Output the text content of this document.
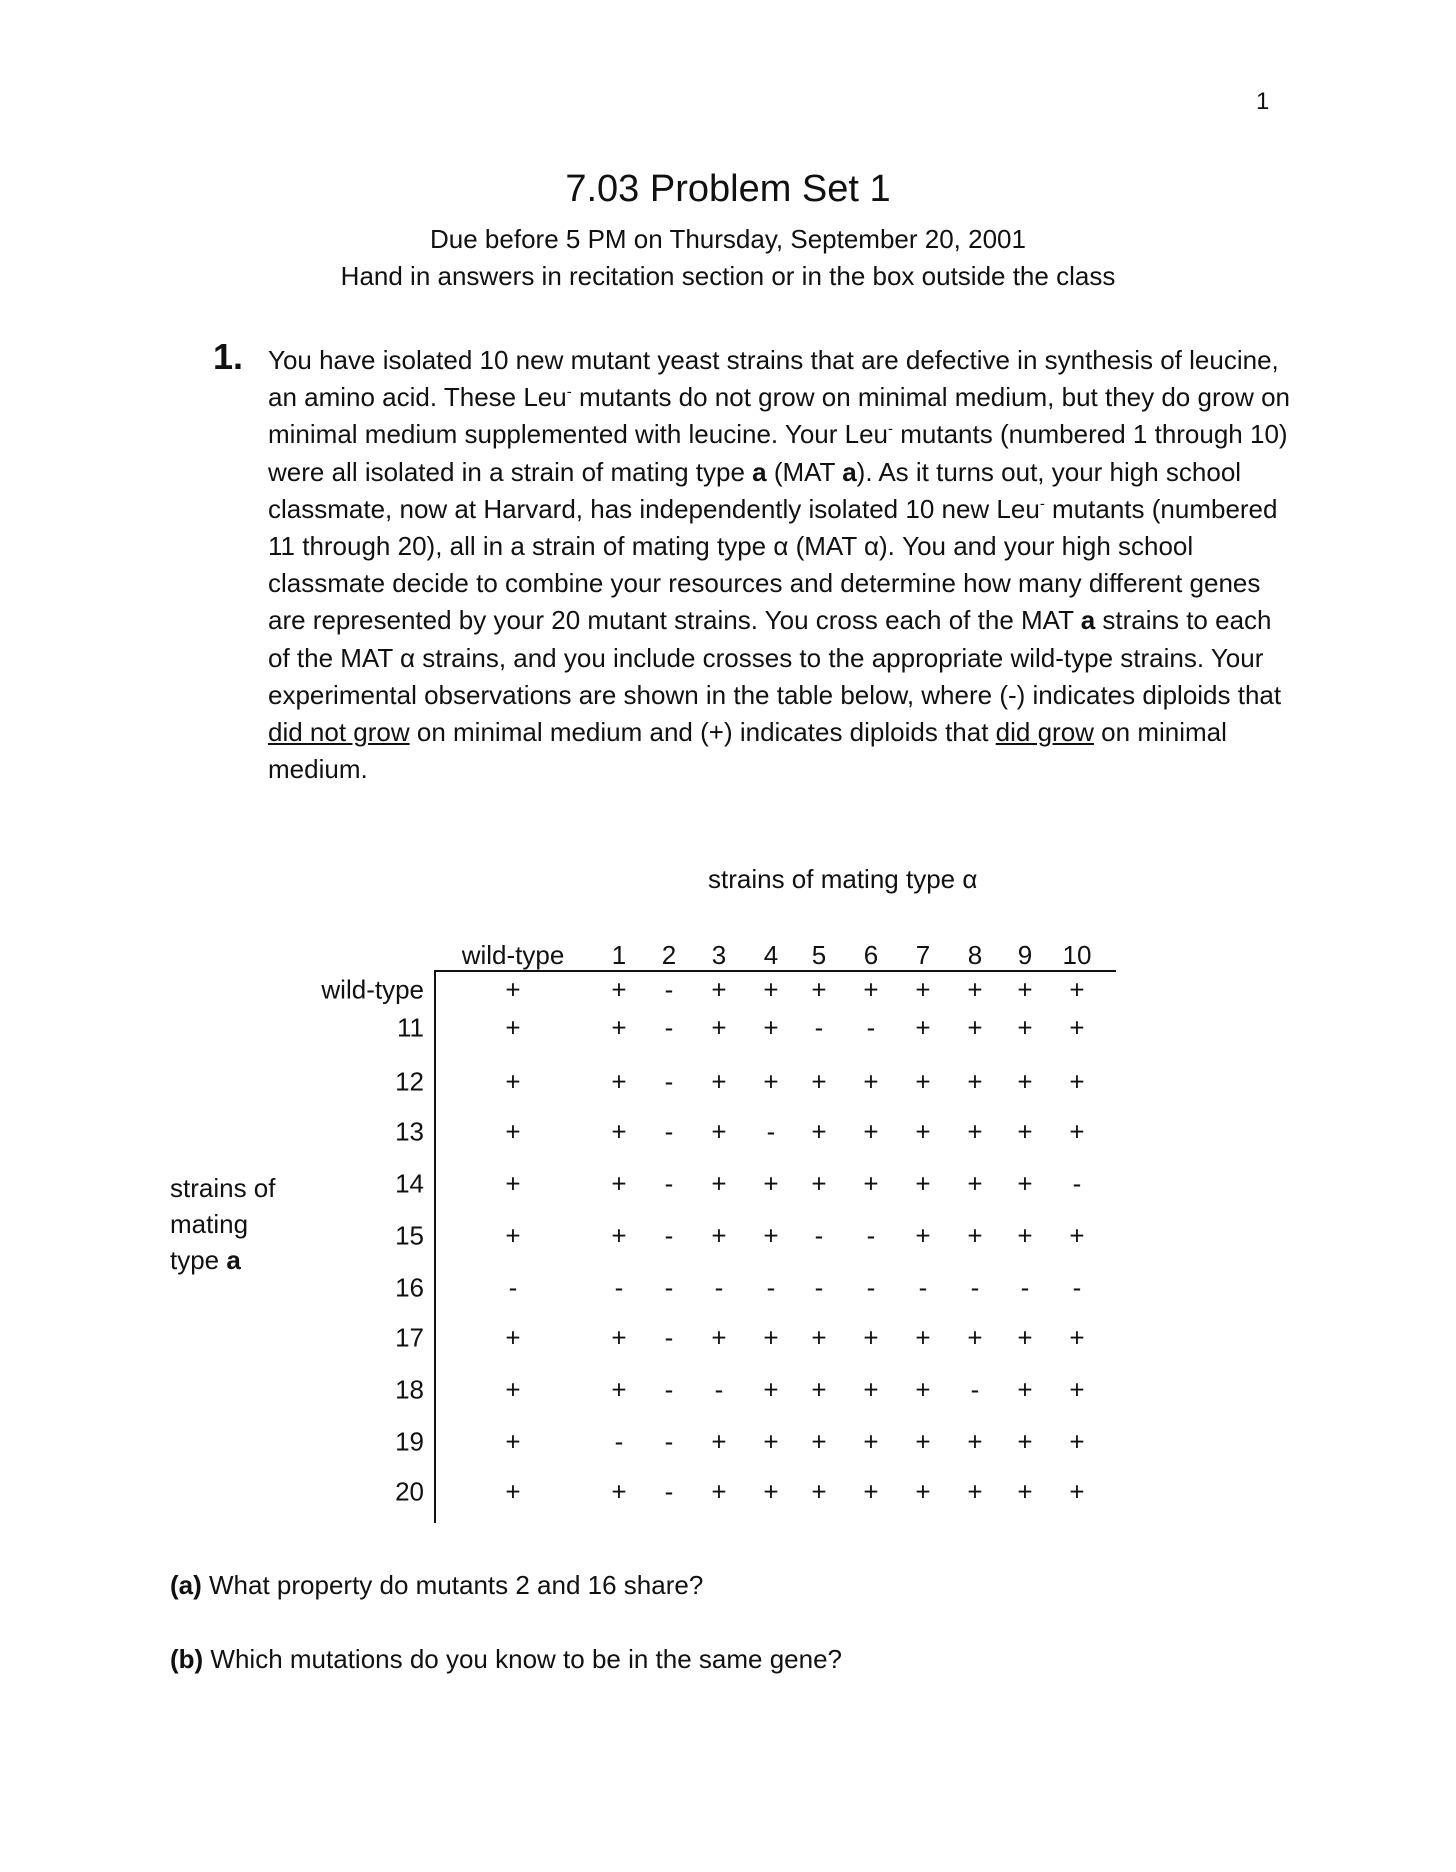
1
7.03 Problem Set 1
Due before 5 PM on Thursday, September 20, 2001
Hand in answers in recitation section or in the box outside the class
1. You have isolated 10 new mutant yeast strains that are defective in synthesis of leucine, an amino acid. These Leu- mutants do not grow on minimal medium, but they do grow on minimal medium supplemented with leucine. Your Leu- mutants (numbered 1 through 10) were all isolated in a strain of mating type a (MAT a). As it turns out, your high school classmate, now at Harvard, has independently isolated 10 new Leu- mutants (numbered 11 through 20), all in a strain of mating type α (MAT α). You and your high school classmate decide to combine your resources and determine how many different genes are represented by your 20 mutant strains. You cross each of the MAT a strains to each of the MAT α strains, and you include crosses to the appropriate wild-type strains. Your experimental observations are shown in the table below, where (-) indicates diploids that did not grow on minimal medium and (+) indicates diploids that did grow on minimal medium.

strains of mating type α
strains of
mating
type a
wild-type 1 2 3 4 5 6 7 8 9 10
wild-type	+	+ - + + + + + + + +
11	+	+ - + + - - + + + +
12	+	+ - + + + + + + + +
13	+	+ - + - + + + + + +
14	+	+ - + + + + + + + -
15	+	+ - + + - - + + + +
16	-	- - - - - - - - - -
17	+	+ - + + + + + + + +
18	+	+ - - + + + + - + +
19	+	- - + + + + + + + +
20	+	+ - + + + + + + + +
(a) What property do mutants 2 and 16 share?
(b) Which mutations do you know to be in the same gene?
